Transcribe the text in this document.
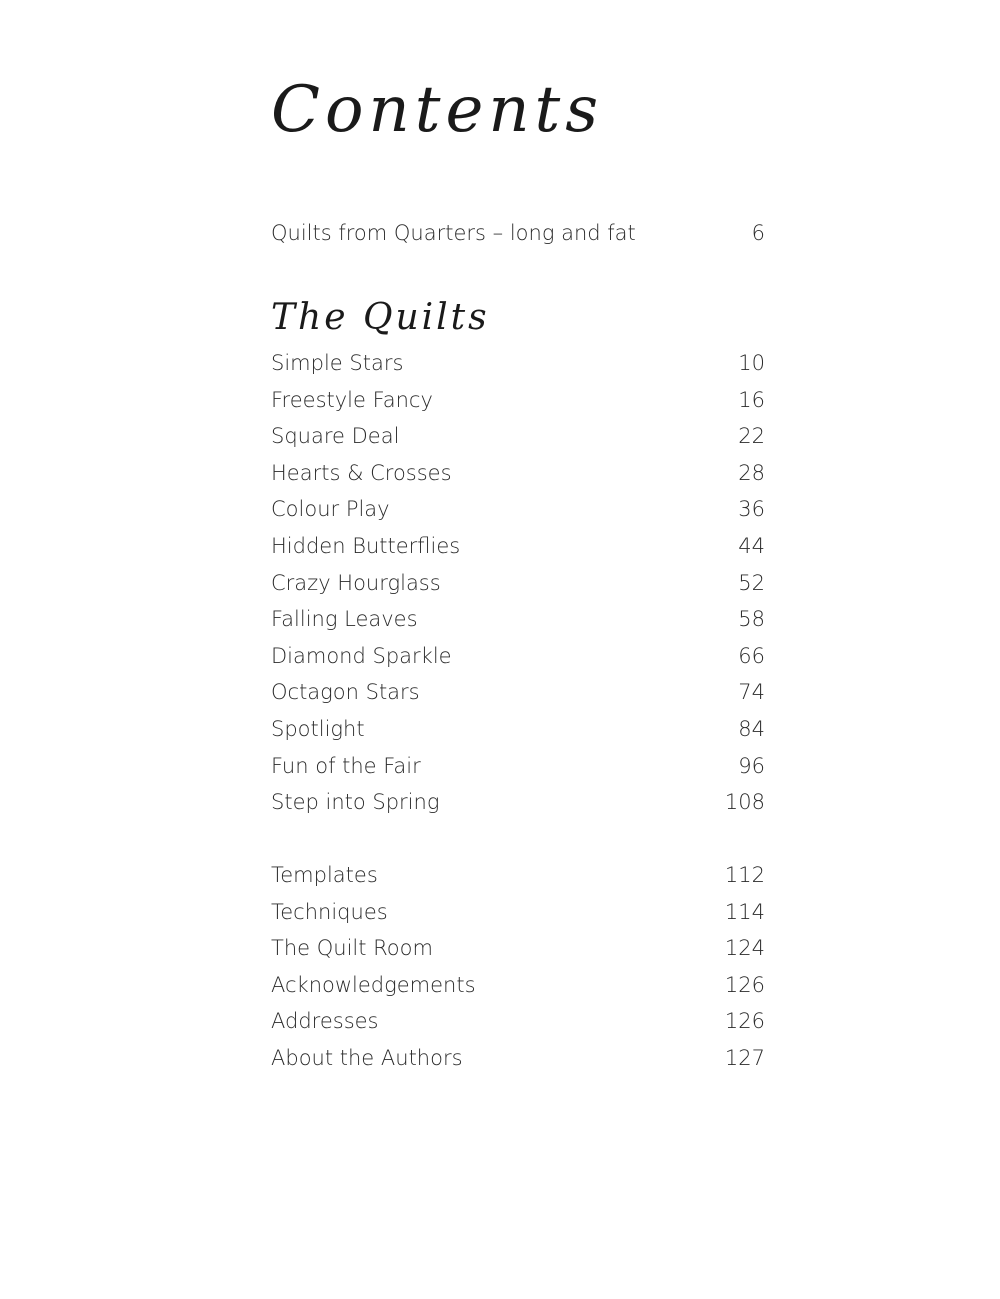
Contents
Quilts from Quarters – long and fat	6
The Quilts
Simple Stars	10
Freestyle Fancy	16
Square Deal	22
Hearts & Crosses	28
Colour Play	36
Hidden Butterflies	44
Crazy Hourglass	52
Falling Leaves	58
Diamond Sparkle	66
Octagon Stars	74
Spotlight	84
Fun of the Fair	96
Step into Spring	108
Templates	112
Techniques	114
The Quilt Room	124
Acknowledgements	126
Addresses	126
About the Authors	127
